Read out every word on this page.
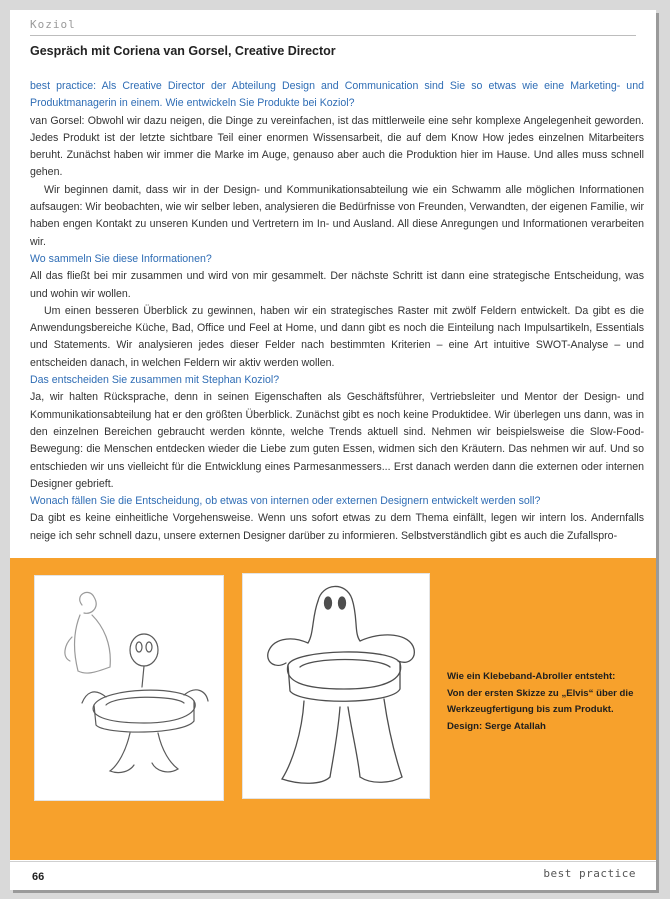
Koziol
Gespräch mit Coriena van Gorsel, Creative Director

best practice: Als Creative Director der Abteilung Design and Communication sind Sie so etwas wie eine Marketing- und Produktmanagerin in einem. Wie entwickeln Sie Produkte bei Koziol?

van Gorsel: Obwohl wir dazu neigen, die Dinge zu vereinfachen, ist das mittlerweile eine sehr komplexe Angelegenheit geworden. Jedes Produkt ist der letzte sichtbare Teil einer enormen Wissensarbeit, die auf dem Know How jedes einzelnen Mitarbeiters beruht. Zunächst haben wir immer die Marke im Auge, genauso aber auch die Produktion hier im Hause. Und alles muss schnell gehen.

Wir beginnen damit, dass wir in der Design- und Kommunikationsabteilung wie ein Schwamm alle möglichen Informationen aufsaugen: Wir beobachten, wie wir selber leben, analysieren die Bedürfnisse von Freunden, Verwandten, der eigenen Familie, wir haben engen Kontakt zu unseren Kunden und Vertretern im In- und Ausland. All diese Anregungen und Informationen verarbeiten wir.

Wo sammeln Sie diese Informationen?

All das fließt bei mir zusammen und wird von mir gesammelt. Der nächste Schritt ist dann eine strategische Entscheidung, was und wohin wir wollen.

Um einen besseren Überblick zu gewinnen, haben wir ein strategisches Raster mit zwölf Feldern entwickelt. Da gibt es die Anwendungsbereiche Küche, Bad, Office und Feel at Home, und dann gibt es noch die Einteilung nach Impulsartikeln, Essentials und Statements. Wir analysieren jedes dieser Felder nach bestimmten Kriterien – eine Art intuitive SWOT-Analyse – und entscheiden danach, in welchen Feldern wir aktiv werden wollen.

Das entscheiden Sie zusammen mit Stephan Koziol?

Ja, wir halten Rücksprache, denn in seinen Eigenschaften als Geschäftsführer, Vertriebsleiter und Mentor der Design- und Kommunikationsabteilung hat er den größten Überblick. Zunächst gibt es noch keine Produktidee. Wir überlegen uns dann, was in den einzelnen Bereichen gebraucht werden könnte, welche Trends aktuell sind. Nehmen wir beispielsweise die Slow-Food-Bewegung: die Menschen entdecken wieder die Liebe zum guten Essen, widmen sich den Kräutern. Das nehmen wir auf. Und so entschieden wir uns vielleicht für die Entwicklung eines Parmesanmessers... Erst danach werden dann die externen oder internen Designer gebrieft.

Wonach fällen Sie die Entscheidung, ob etwas von internen oder externen Designern entwickelt werden soll?

Da gibt es keine einheitliche Vorgehensweise. Wenn uns sofort etwas zu dem Thema einfällt, legen wir intern los. Andernfalls neige ich sehr schnell dazu, unsere externen Designer darüber zu informieren. Selbstverständlich gibt es auch die Zufallspro-

Wie ein Klebeband-Abroller entsteht:
Von der ersten Skizze zu „Elvis“ über die
Werkzeugfertigung bis zum Produkt.
Design: Serge Atallah
66	best practice
